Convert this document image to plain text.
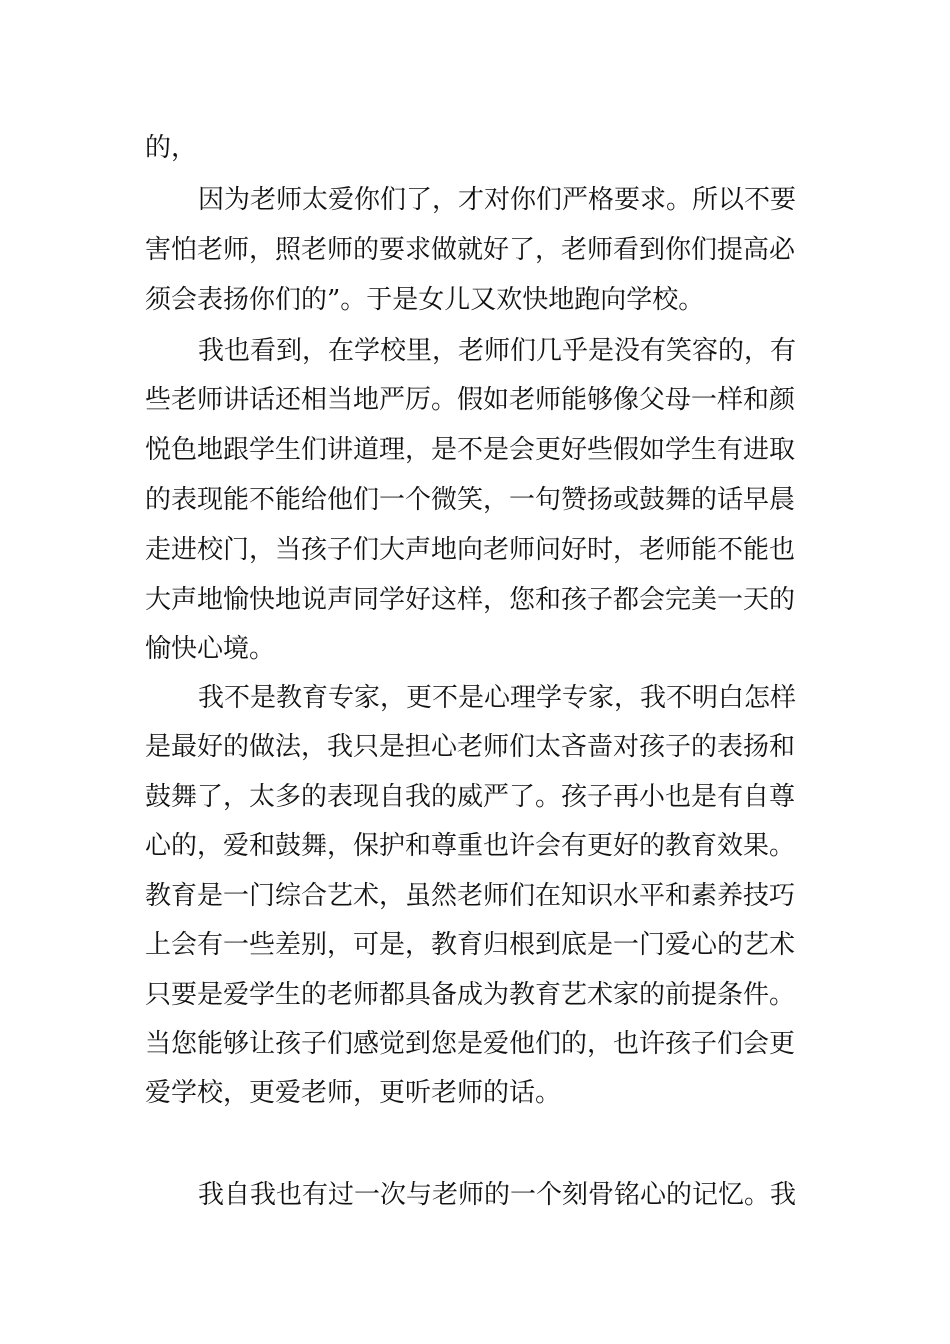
的，
因为老师太爱你们了，才对你们严格要求。所以不要
害怕老师，照老师的要求做就好了，老师看到你们提高必
须会表扬你们的”。于是女儿又欢快地跑向学校。
我也看到，在学校里，老师们几乎是没有笑容的，有
些老师讲话还相当地严厉。假如老师能够像父母一样和颜
悦色地跟学生们讲道理，是不是会更好些假如学生有进取
的表现能不能给他们一个微笑，一句赞扬或鼓舞的话早晨
走进校门，当孩子们大声地向老师问好时，老师能不能也
大声地愉快地说声同学好这样，您和孩子都会完美一天的
愉快心境。
我不是教育专家，更不是心理学专家，我不明白怎样
是最好的做法，我只是担心老师们太吝啬对孩子的表扬和
鼓舞了，太多的表现自我的威严了。孩子再小也是有自尊
心的，爱和鼓舞，保护和尊重也许会有更好的教育效果。
教育是一门综合艺术，虽然老师们在知识水平和素养技巧
上会有一些差别，可是，教育归根到底是一门爱心的艺术
只要是爱学生的老师都具备成为教育艺术家的前提条件。
当您能够让孩子们感觉到您是爱他们的，也许孩子们会更
爱学校，更爱老师，更听老师的话。
我自我也有过一次与老师的一个刻骨铭心的记忆。我
